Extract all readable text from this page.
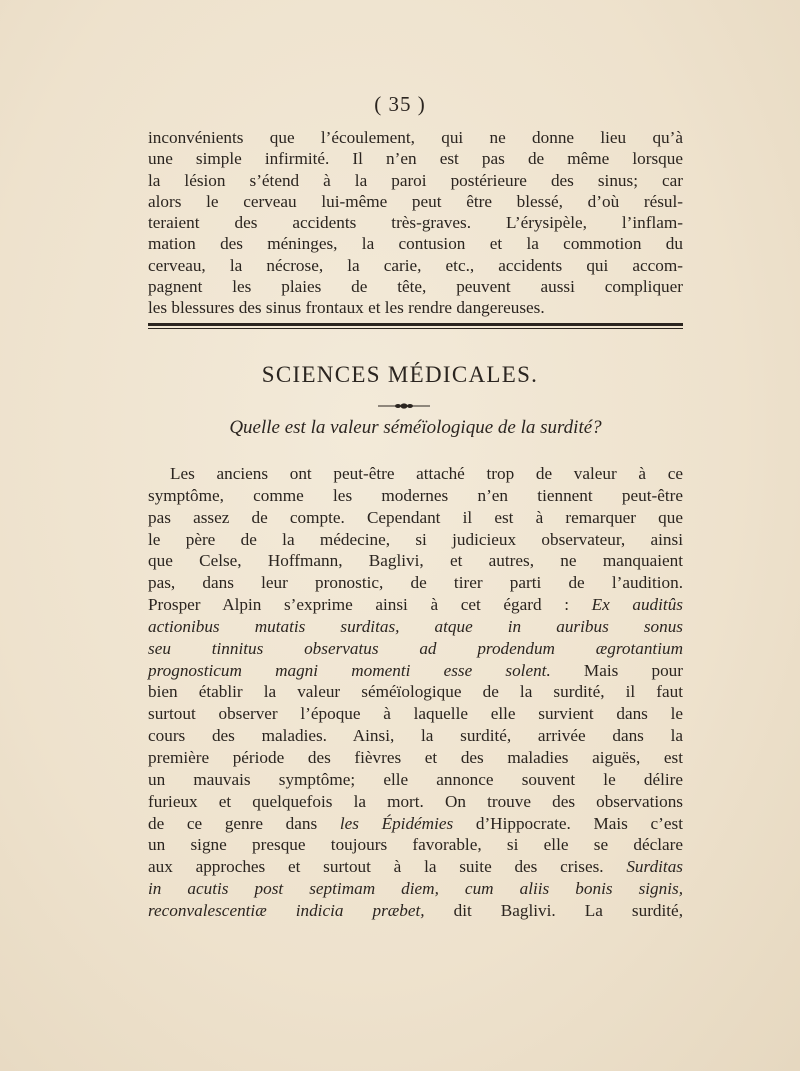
( 35 )
inconvénients que l’écoulement, qui ne donne lieu qu’à
une simple infirmité. Il n’en est pas de même lorsque
la lésion s’étend à la paroi postérieure des sinus; car
alors le cerveau lui-même peut être blessé, d’où résul-
teraient des accidents très-graves. L’érysipèle, l’inflam-
mation des méninges, la contusion et la commotion du
cerveau, la nécrose, la carie, etc., accidents qui accom-
pagnent les plaies de tête, peuvent aussi compliquer
les blessures des sinus frontaux et les rendre dangereuses.
SCIENCES MÉDICALES.
Quelle est la valeur séméïologique de la surdité?
Les anciens ont peut-être attaché trop de valeur à ce
symptôme, comme les modernes n’en tiennent peut-être
pas assez de compte. Cependant il est à remarquer que
le père de la médecine, si judicieux observateur, ainsi
que Celse, Hoffmann, Baglivi, et autres, ne manquaient
pas, dans leur pronostic, de tirer parti de l’audition.
Prosper Alpin s’exprime ainsi à cet égard : Ex auditûs
actionibus mutatis surditas, atque in auribus sonus
seu tinnitus observatus ad prodendum ægrotantium
prognosticum magni momenti esse solent. Mais pour
bien établir la valeur séméïologique de la surdité, il faut
surtout observer l’époque à laquelle elle survient dans le
cours des maladies. Ainsi, la surdité, arrivée dans la
première période des fièvres et des maladies aiguës, est
un mauvais symptôme; elle annonce souvent le délire
furieux et quelquefois la mort. On trouve des observations
de ce genre dans les Épidémies d’Hippocrate. Mais c’est
un signe presque toujours favorable, si elle se déclare
aux approches et surtout à la suite des crises. Surditas
in acutis post septimam diem, cum aliis bonis signis,
reconvalescentiæ indicia præbet, dit Baglivi. La surdité,
